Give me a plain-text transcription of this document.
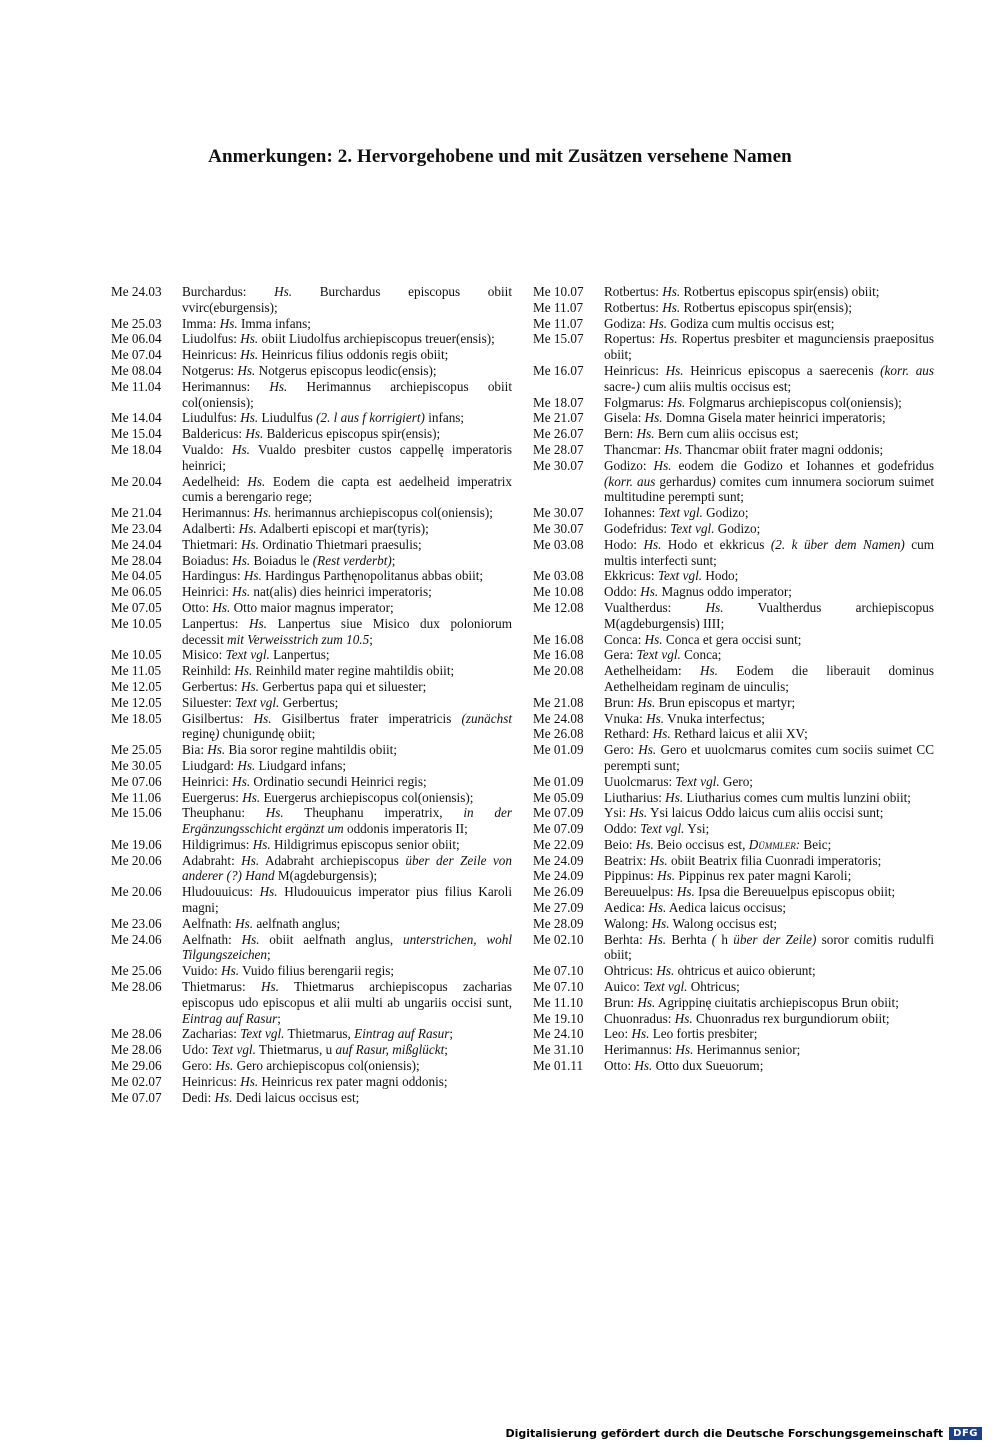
Anmerkungen: 2. Hervorgehobene und mit Zusätzen versehene Namen
Me 24.03	Burchardus: Hs. Burchardus episcopus obiit vvirc(eburgensis);
Me 25.03	Imma: Hs. Imma infans;
Me 06.04	Liudolfus: Hs. obiit Liudolfus archiepiscopus treuer(ensis);
Me 07.04	Heinricus: Hs. Heinricus filius oddonis regis obiit;
Me 08.04	Notgerus: Hs. Notgerus episcopus leodic(ensis);
Me 11.04	Herimannus: Hs. Herimannus archiepiscopus obiit col(oniensis);
Me 14.04	Liudulfus: Hs. Liudulfus (2. l aus f korrigiert) infans;
Me 15.04	Baldericus: Hs. Baldericus episcopus spir(ensis);
Me 18.04	Vualdo: Hs. Vualdo presbiter custos cappellę imperatoris heinrici;
Me 20.04	Aedelheid: Hs. Eodem die capta est aedelheid imperatrix cumis a berengario rege;
Me 21.04	Herimannus: Hs. herimannus archiepiscopus col(oniensis);
Me 23.04	Adalberti: Hs. Adalberti episcopi et mar(tyris);
Me 24.04	Thietmari: Hs. Ordinatio Thietmari praesulis;
Me 28.04	Boiadus: Hs. Boiadus le (Rest verderbt);
Me 04.05	Hardingus: Hs. Hardingus Parthęnopolitanus abbas obiit;
Me 06.05	Heinrici: Hs. nat(alis) dies heinrici imperatoris;
Me 07.05	Otto: Hs. Otto maior magnus imperator;
Me 10.05	Lanpertus: Hs. Lanpertus siue Misico dux poloniorum decessit mit Verweisstrich zum 10.5;
Me 10.05	Misico: Text vgl. Lanpertus;
Me 11.05	Reinhild: Hs. Reinhild mater regine mahtildis obiit;
Me 12.05	Gerbertus: Hs. Gerbertus papa qui et siluester;
Me 12.05	Siluester: Text vgl. Gerbertus;
Me 18.05	Gisilbertus: Hs. Gisilbertus frater imperatricis (zunächst reginę) chunigundę obiit;
Me 25.05	Bia: Hs. Bia soror regine mahtildis obiit;
Me 30.05	Liudgard: Hs. Liudgard infans;
Me 07.06	Heinrici: Hs. Ordinatio secundi Heinrici regis;
Me 11.06	Euergerus: Hs. Euergerus archiepiscopus col(oniensis);
Me 15.06	Theuphanu: Hs. Theuphanu imperatrix, in der Ergänzungsschicht ergänzt um oddonis imperatoris II;
Me 19.06	Hildigrimus: Hs. Hildigrimus episcopus senior obiit;
Me 20.06	Adabraht: Hs. Adabraht archiepiscopus über der Zeile von anderer (?) Hand M(agdeburgensis);
Me 20.06	Hludouuicus: Hs. Hludouuicus imperator pius filius Karoli magni;
Me 23.06	Aelfnath: Hs. aelfnath anglus;
Me 24.06	Aelfnath: Hs. obiit aelfnath anglus, unterstrichen, wohl Tilgungszeichen;
Me 25.06	Vuido: Hs. Vuido filius berengarii regis;
Me 28.06	Thietmarus: Hs. Thietmarus archiepiscopus zacharias episcopus udo episcopus et alii multi ab ungariis occisi sunt, Eintrag auf Rasur;
Me 28.06	Zacharias: Text vgl. Thietmarus, Eintrag auf Rasur;
Me 28.06	Udo: Text vgl. Thietmarus, u auf Rasur, mißglückt;
Me 29.06	Gero: Hs. Gero archiepiscopus col(oniensis);
Me 02.07	Heinricus: Hs. Heinricus rex pater magni oddonis;
Me 07.07	Dedi: Hs. Dedi laicus occisus est;
Me 10.07	Rotbertus: Hs. Rotbertus episcopus spir(ensis) obiit;
Me 11.07	Rotbertus: Hs. Rotbertus episcopus spir(ensis);
Me 11.07	Godiza: Hs. Godiza cum multis occisus est;
Me 15.07	Ropertus: Hs. Ropertus presbiter et magunciensis praepositus obiit;
Me 16.07	Heinricus: Hs. Heinricus episcopus a saerecenis (korr. aus sacre-) cum aliis multis occisus est;
Me 18.07	Folgmarus: Hs. Folgmarus archiepiscopus col(oniensis);
Me 21.07	Gisela: Hs. Domna Gisela mater heinrici imperatoris;
Me 26.07	Bern: Hs. Bern cum aliis occisus est;
Me 28.07	Thancmar: Hs. Thancmar obiit frater magni oddonis;
Me 30.07	Godizo: Hs. eodem die Godizo et Iohannes et godefridus (korr. aus gerhardus) comites cum innumera sociorum suimet multitudine perempti sunt;
Me 30.07	Iohannes: Text vgl. Godizo;
Me 30.07	Godefridus: Text vgl. Godizo;
Me 03.08	Hodo: Hs. Hodo et ekkricus (2. k über dem Namen) cum multis interfecti sunt;
Me 03.08	Ekkricus: Text vgl. Hodo;
Me 10.08	Oddo: Hs. Magnus oddo imperator;
Me 12.08	Vualtherdus: Hs. Vualtherdus archiepiscopus M(agdeburgensis) IIII;
Me 16.08	Conca: Hs. Conca et gera occisi sunt;
Me 16.08	Gera: Text vgl. Conca;
Me 20.08	Aethelheidam: Hs. Eodem die liberauit dominus Aethelheidam reginam de uinculis;
Me 21.08	Brun: Hs. Brun episcopus et martyr;
Me 24.08	Vnuka: Hs. Vnuka interfectus;
Me 26.08	Rethard: Hs. Rethard laicus et alii XV;
Me 01.09	Gero: Hs. Gero et uuolcmarus comites cum sociis suimet CC perempti sunt;
Me 01.09	Uuolcmarus: Text vgl. Gero;
Me 05.09	Liutharius: Hs. Liutharius comes cum multis lunzini obiit;
Me 07.09	Ysi: Hs. Ysi laicus Oddo laicus cum aliis occisi sunt;
Me 07.09	Oddo: Text vgl. Ysi;
Me 22.09	Beio: Hs. Beio occisus est, Dümmler: Beic;
Me 24.09	Beatrix: Hs. obiit Beatrix filia Cuonradi imperatoris;
Me 24.09	Pippinus: Hs. Pippinus rex pater magni Karoli;
Me 26.09	Bereuuelpus: Hs. Ipsa die Bereuuelpus episcopus obiit;
Me 27.09	Aedica: Hs. Aedica laicus occisus;
Me 28.09	Walong: Hs. Walong occisus est;
Me 02.10	Berhta: Hs. Berhta ( h über der Zeile) soror comitis rudulfi obiit;
Me 07.10	Ohtricus: Hs. ohtricus et auico obierunt;
Me 07.10	Auico: Text vgl. Ohtricus;
Me 11.10	Brun: Hs. Agrippinę ciuitatis archiepiscopus Brun obiit;
Me 19.10	Chuonradus: Hs. Chuonradus rex burgundiorum obiit;
Me 24.10	Leo: Hs. Leo fortis presbiter;
Me 31.10	Herimannus: Hs. Herimannus senior;
Me 01.11	Otto: Hs. Otto dux Sueuorum;
Digitalisierung gefördert durch die Deutsche Forschungsgemeinschaft	DFG
